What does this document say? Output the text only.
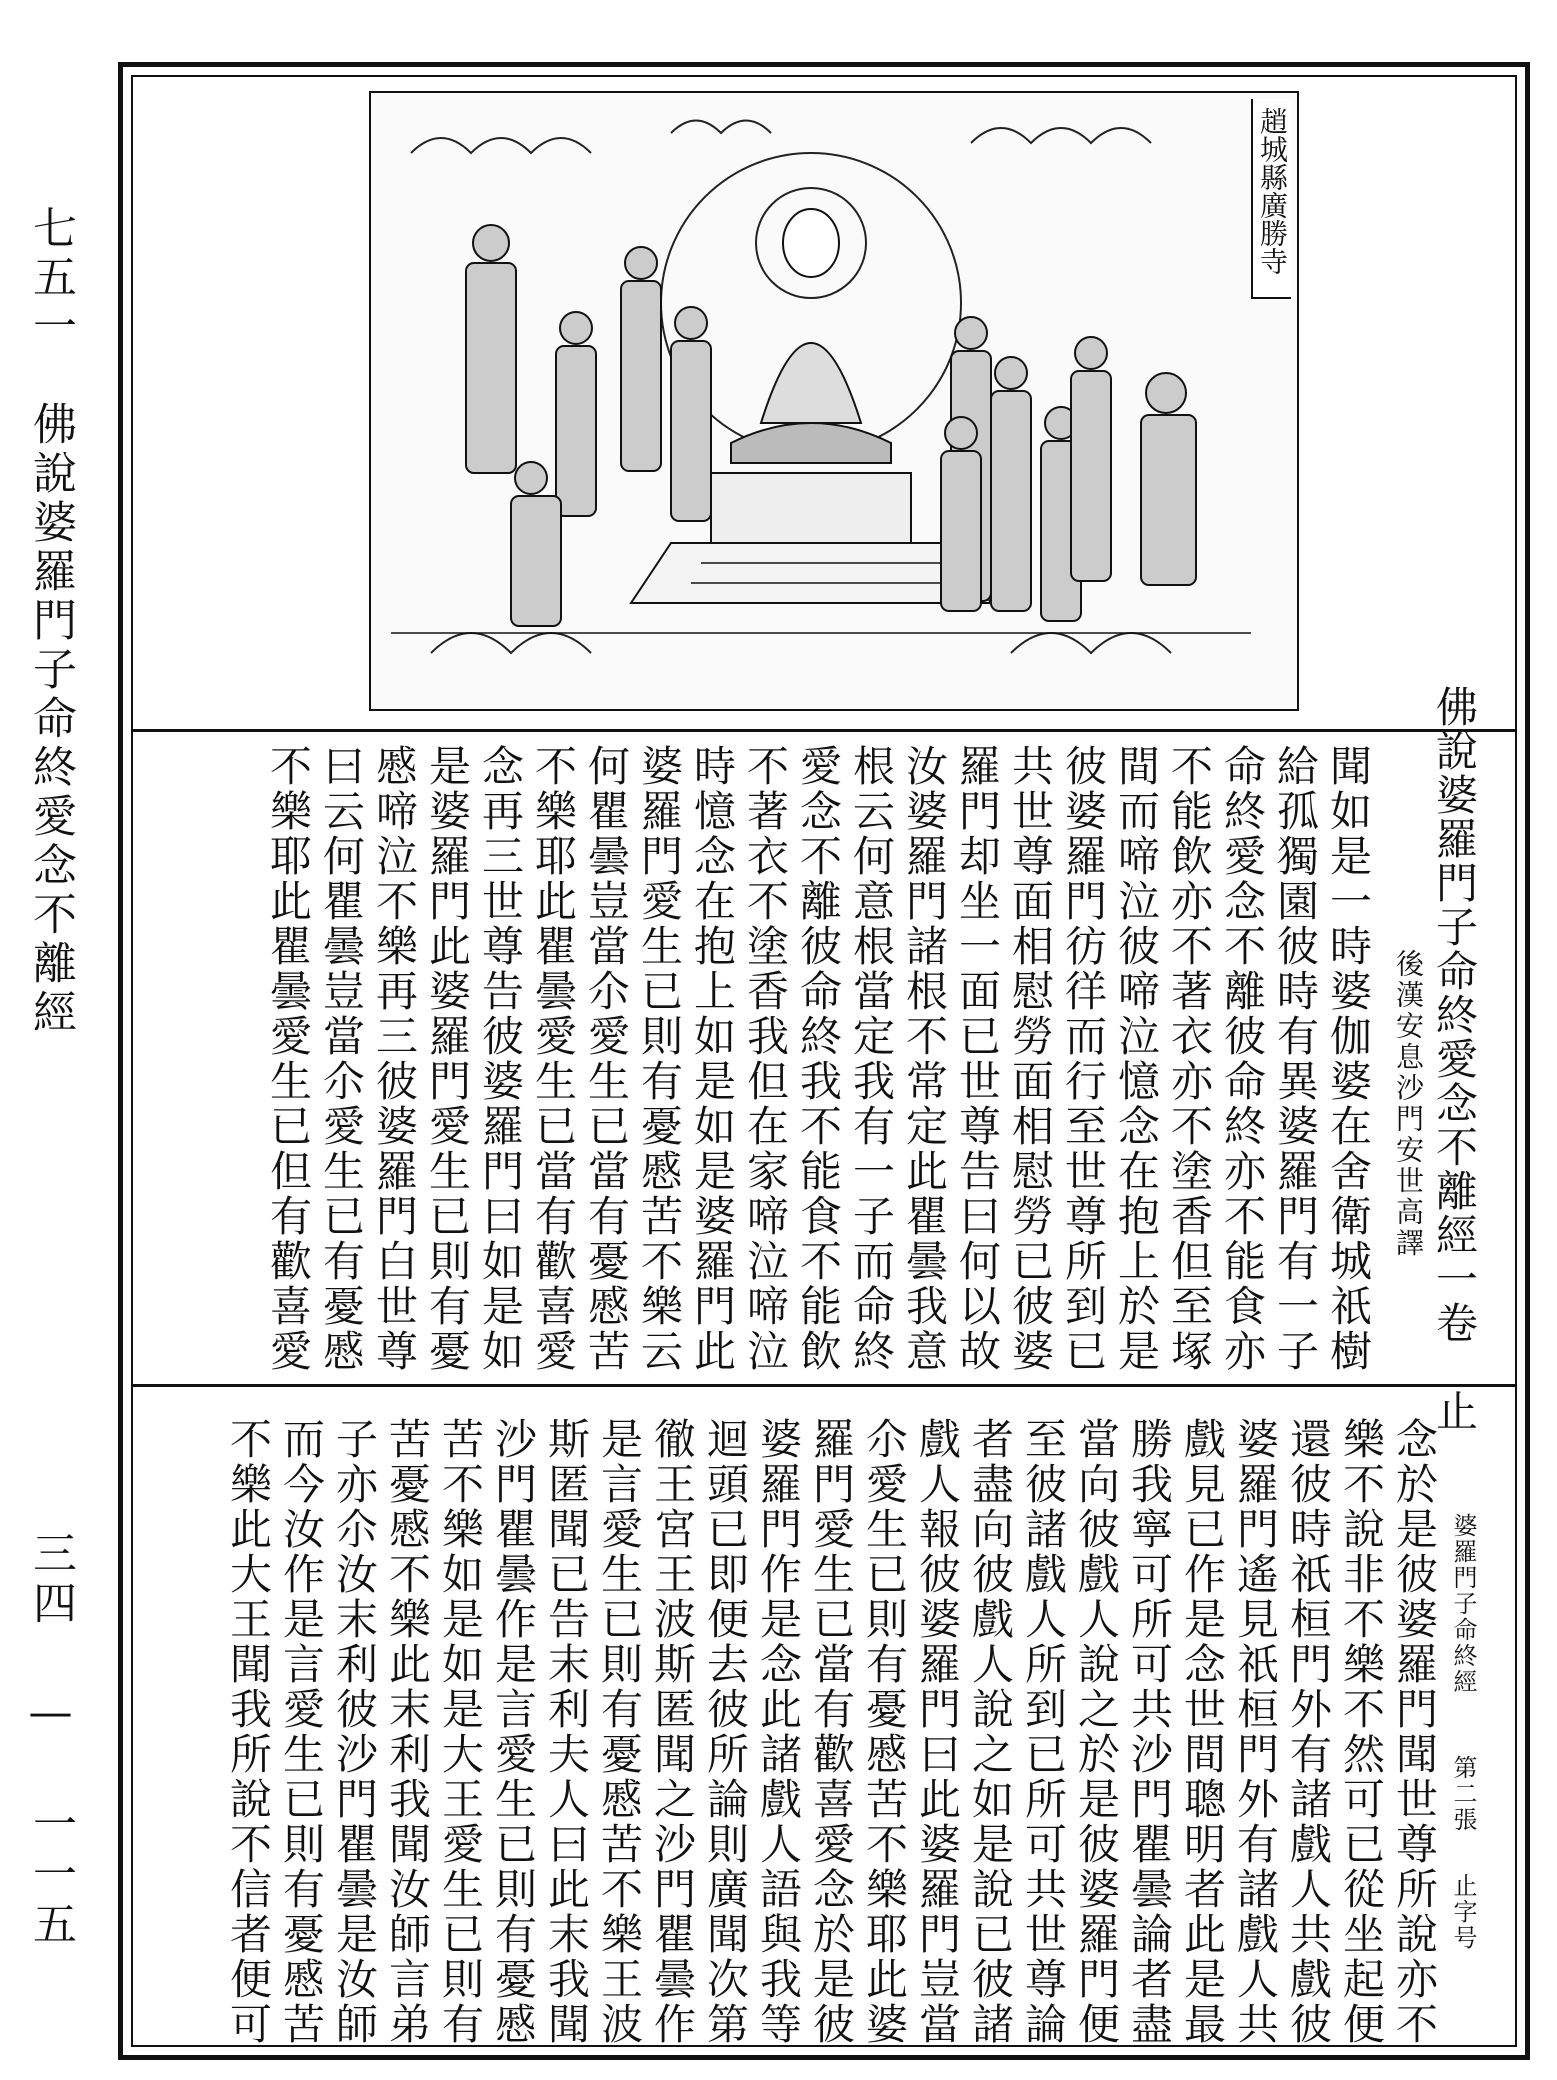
七五一　佛說婆羅門子命終愛念不離經
三四 — 一一五
趙城縣廣勝寺
佛說婆羅門子命終愛念不離經一卷　止
後漢安息沙門安世高譯
聞如是一時婆伽婆在舍衛城祇樹
給孤獨園彼時有異婆羅門有一子
命終愛念不離彼命終亦不能食亦
不能飲亦不著衣亦不塗香但至塚
間而啼泣彼啼泣憶念在抱上於是
彼婆羅門彷徉而行至世尊所到已
共世尊面相慰勞面相慰勞已彼婆
羅門却坐一面已世尊告曰何以故
汝婆羅門諸根不常定此瞿曇我意
根云何意根當定我有一子而命終
愛念不離彼命終我不能食不能飲
不著衣不塗香我但在家啼泣啼泣
時憶念在抱上如是如是婆羅門此
婆羅門愛生已則有憂慼苦不樂云
何瞿曇豈當尒愛生已當有憂慼苦
不樂耶此瞿曇愛生已當有歡喜愛
念再三世尊告彼婆羅門曰如是如
是婆羅門此婆羅門愛生已則有憂
慼啼泣不樂再三彼婆羅門白世尊
曰云何瞿曇豈當尒愛生已有憂慼
不樂耶此瞿曇愛生已但有歡喜愛
婆羅門子命終經
第二張
止字号
念於是彼婆羅門聞世尊所說亦不
樂不說非不樂不然可已從坐起便
還彼時祇桓門外有諸戲人共戲彼
婆羅門遙見祇桓門外有諸戲人共
戲見已作是念世間聰明者此是最
勝我寧可所可共沙門瞿曇論者盡
當向彼戲人說之於是彼婆羅門便
至彼諸戲人所到已所可共世尊論
者盡向彼戲人說之如是說已彼諸
戲人報彼婆羅門曰此婆羅門豈當
尒愛生已則有憂慼苦不樂耶此婆
羅門愛生已當有歡喜愛念於是彼
婆羅門作是念此諸戲人語與我等
迴頭已即便去彼所論則廣聞次第
徹王宮王波斯匿聞之沙門瞿曇作
是言愛生已則有憂慼苦不樂王波
斯匿聞已告末利夫人曰此末我聞
沙門瞿曇作是言愛生已則有憂慼
苦不樂如是如是大王愛生已則有
苦憂慼不樂此末利我聞汝師言弟
子亦尒汝末利彼沙門瞿曇是汝師
而今汝作是言愛生已則有憂慼苦
不樂此大王聞我所說不信者便可
